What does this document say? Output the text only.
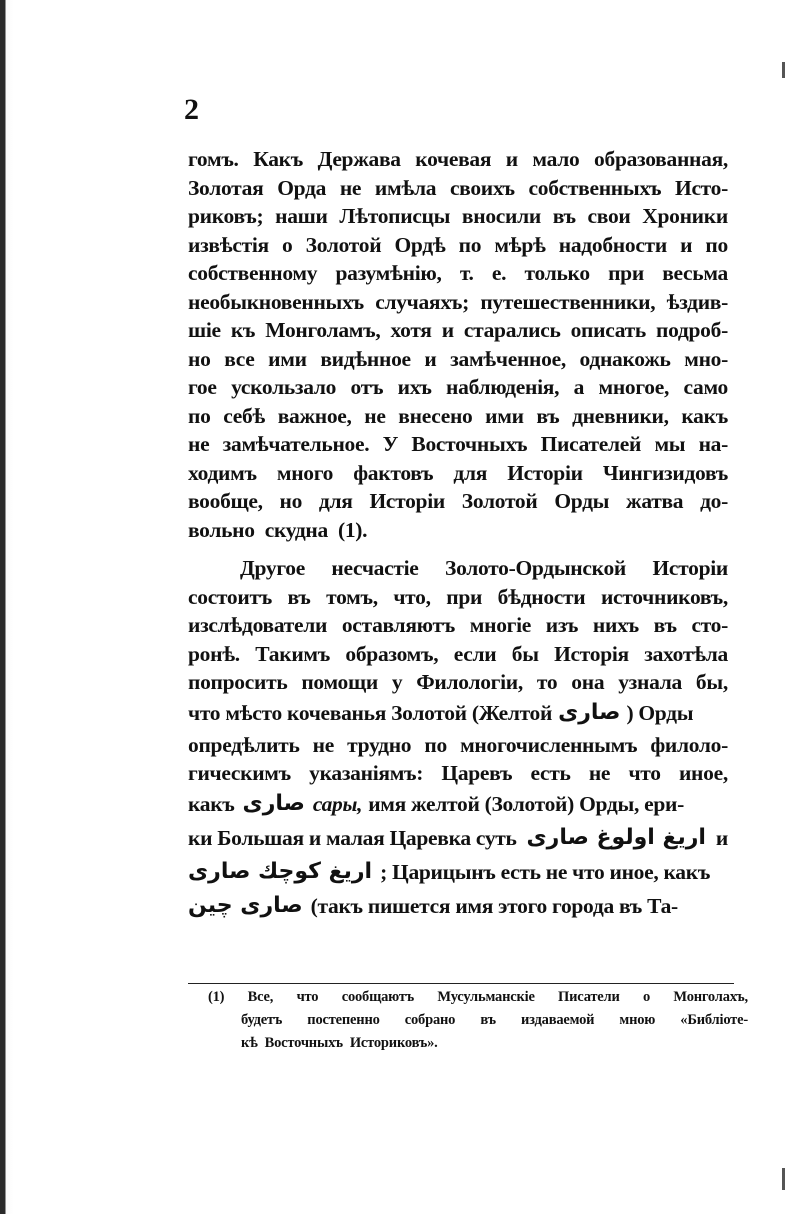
2
гомъ. Какъ Держава кочевая и мало образованная,
Золотая Орда не имѣла своихъ собственныхъ Исто-
риковъ; наши Лѣтописцы вносили въ свои Хроники
извѣстія о Золотой Ордѣ по мѣрѣ надобности и по
собственному разумѣнію, т. е. только при весьма
необыкновенныхъ случаяхъ; путешественники, ѣздив-
шіе къ Монголамъ, хотя и старались описать подроб-
но все ими видѣнное и замѣченное, однакожь мно-
гое ускользало отъ ихъ наблюденія, а многое, само
по себѣ важное, не внесено ими въ дневники, какъ
не замѣчательное. У Восточныхъ Писателей мы на-
ходимъ много фактовъ для Исторіи Чингизидовъ
вообще, но для Исторіи Золотой Орды жатва до-
вольно скудна (1).
Другое несчастіе Золото-Ордынской Исторіи
состоитъ въ томъ, что, при бѣдности источниковъ,
изслѣдователи оставляютъ многіе изъ нихъ въ сто-
ронѣ. Такимъ образомъ, если бы Исторія захотѣла
попросить помощи у Филологіи, то она узнала бы,
что мѣсто кочеванья Золотой (Желтой صاری ) Орды
опредѣлить не трудно по многочисленнымъ филоло-
гическимъ указаніямъ: Царевъ есть не что иное,
какъ صاری сары, имя желтой (Золотой) Орды, ери-
ки Большая и малая Царевка суть اریغ اولوغ صاری и
اریغ کوچك صاری ; Царицынъ есть не что иное, какъ
صاری چین (такъ пишется имя этого города въ Та-
(1) Все, что сообщаютъ Мусульманскіе Писатели о Монголахъ,
будетъ постепенно собрано въ издаваемой мною «Библіоте-
кѣ Восточныхъ Историковъ».
